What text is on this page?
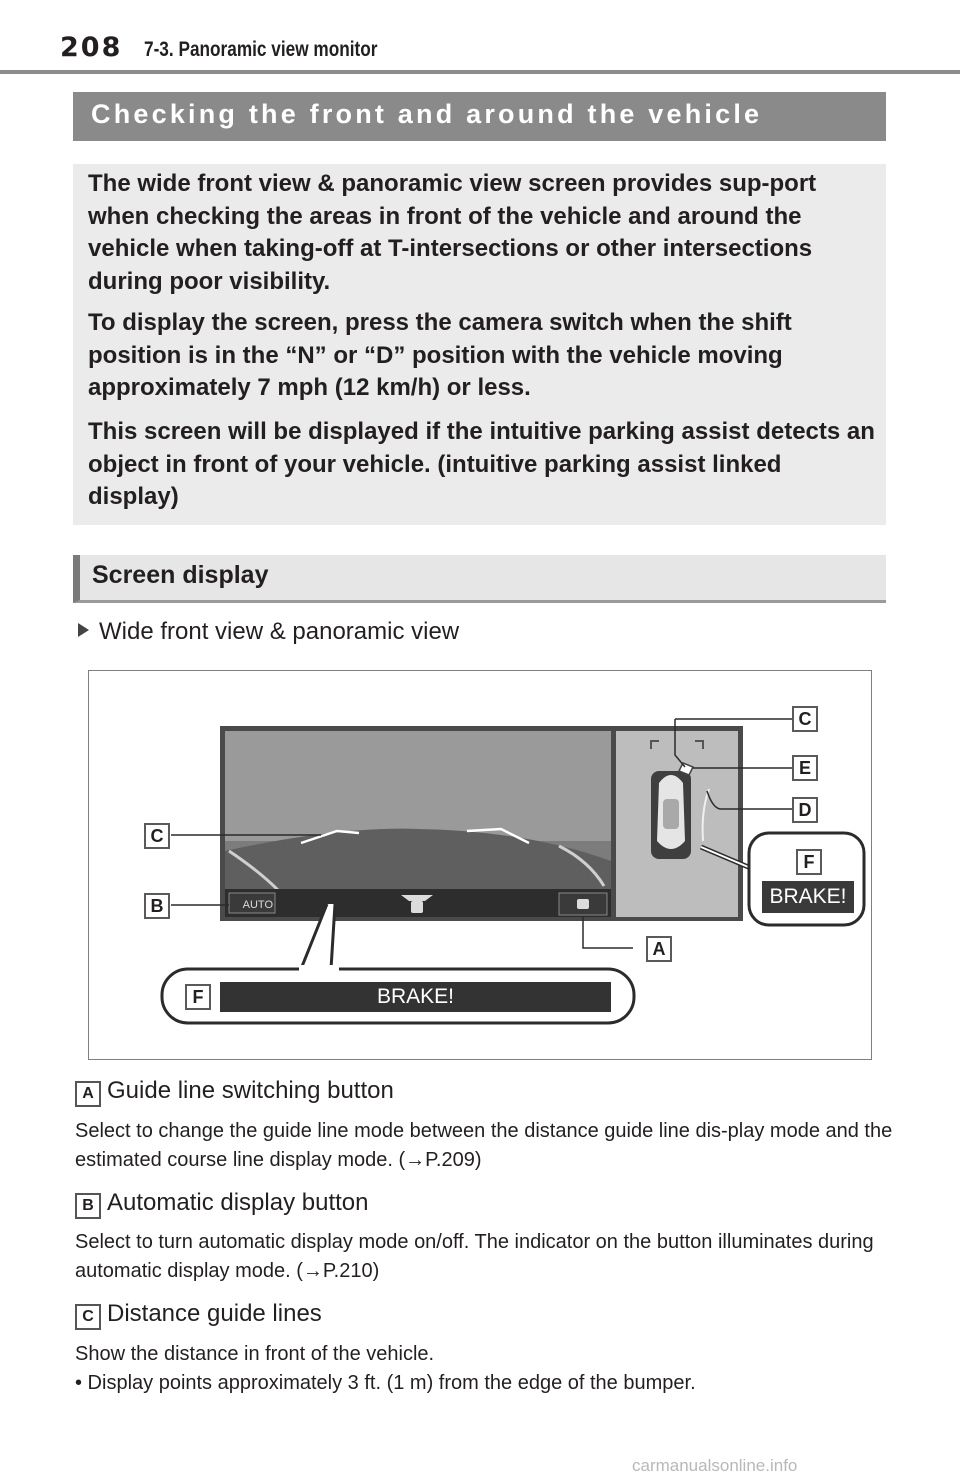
208 7-3. Panoramic view monitor
Checking the front and around the vehicle

The wide front view & panoramic view screen provides sup-port when checking the areas in front of the vehicle and around the vehicle when taking-off at T-intersections or other intersections during poor visibility.

To display the screen, press the camera switch when the shift position is in the “N” or “D” position with the vehicle moving approximately 7 mph (12 km/h) or less.

This screen will be displayed if the intuitive parking assist detects an object in front of your vehicle. (intuitive parking assist linked display)

Screen display
Wide front view & panoramic view
C
E
D
F
C
B
A
F
BRAKE!
BRAKE!
AUTO
A Guide line switching button
Select to change the guide line mode between the distance guide line dis-play mode and the estimated course line display mode. (→P.209)
B Automatic display button
Select to turn automatic display mode on/off. The indicator on the button illuminates during automatic display mode. (→P.210)
C Distance guide lines
Show the distance in front of the vehicle.
• Display points approximately 3 ft. (1 m) from the edge of the bumper.
carmanualsonline.info
